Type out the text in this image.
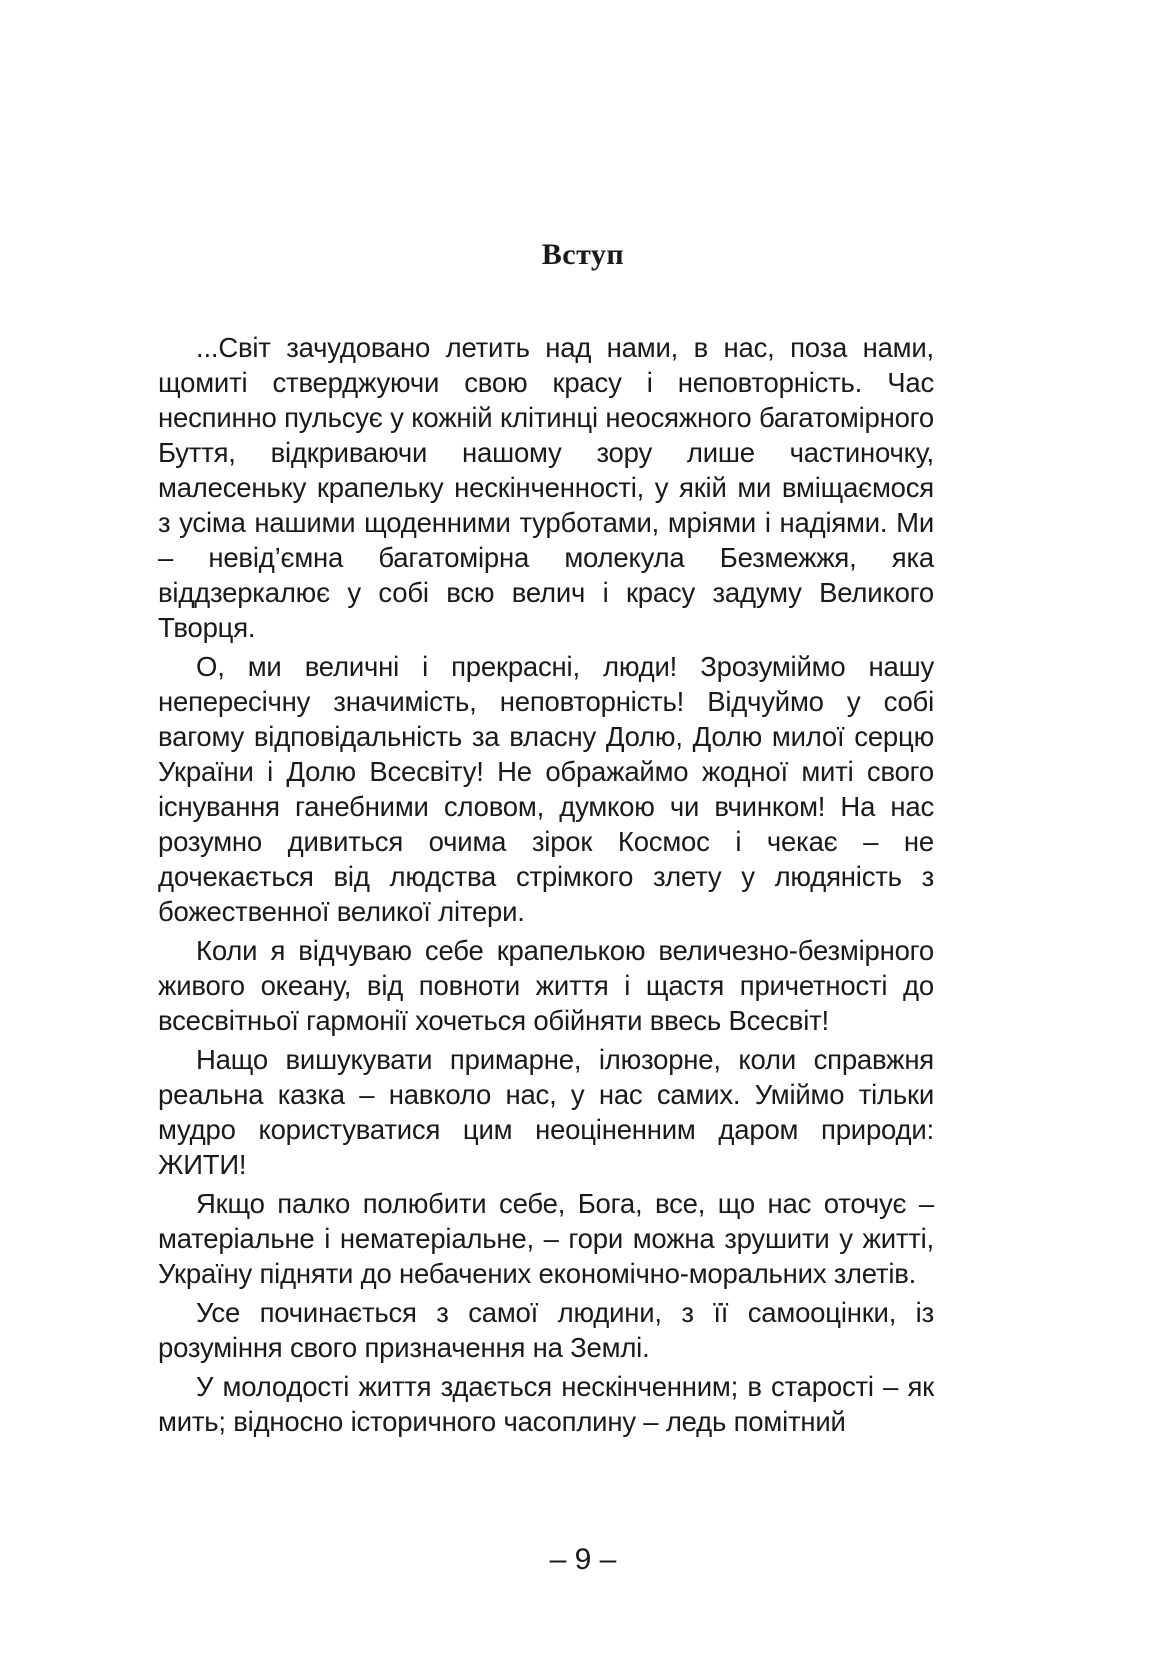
Вступ

...Світ зачудовано летить над нами, в нас, поза нами, щомиті стверджуючи свою красу і неповторність. Час неспинно пульсує у кожній клітинці неосяжного багатомірного Буття, відкриваючи нашому зору лише частиночку, малесеньку крапельку нескінченності, у якій ми вміщаємося з усіма нашими щоденними турботами, мріями і надіями. Ми – невід’ємна багатомірна молекула Безмежжя, яка віддзеркалює у собі всю велич і красу задуму Великого Творця.

О, ми величні і прекрасні, люди! Зрозуміймо нашу непересічну значимість, неповторність! Відчуймо у собі вагому відповідальність за власну Долю, Долю милої серцю України і Долю Всесвіту! Не ображаймо жодної миті свого існування ганебними словом, думкою чи вчинком! На нас розумно дивиться очима зірок Космос і чекає – не дочекається від людства стрімкого злету у людяність з божественної великої літери.

Коли я відчуваю себе крапелькою величезно-безмірного живого океану, від повноти життя і щастя причетності до всесвітньої гармонії хочеться обійняти ввесь Всесвіт!

Нащо вишукувати примарне, ілюзорне, коли справжня реальна казка – навколо нас, у нас самих. Уміймо тільки мудро користуватися цим неоціненним даром природи: ЖИТИ!

Якщо палко полюбити себе, Бога, все, що нас оточує – матеріальне і нематеріальне, – гори можна зрушити у житті, Україну підняти до небачених економічно-моральних злетів.

Усе починається з самої людини, з її самооцінки, із розуміння свого призначення на Землі.

У молодості життя здається нескінченним; в старості – як мить; відносно історичного часоплину – ледь помітний

– 9 –
